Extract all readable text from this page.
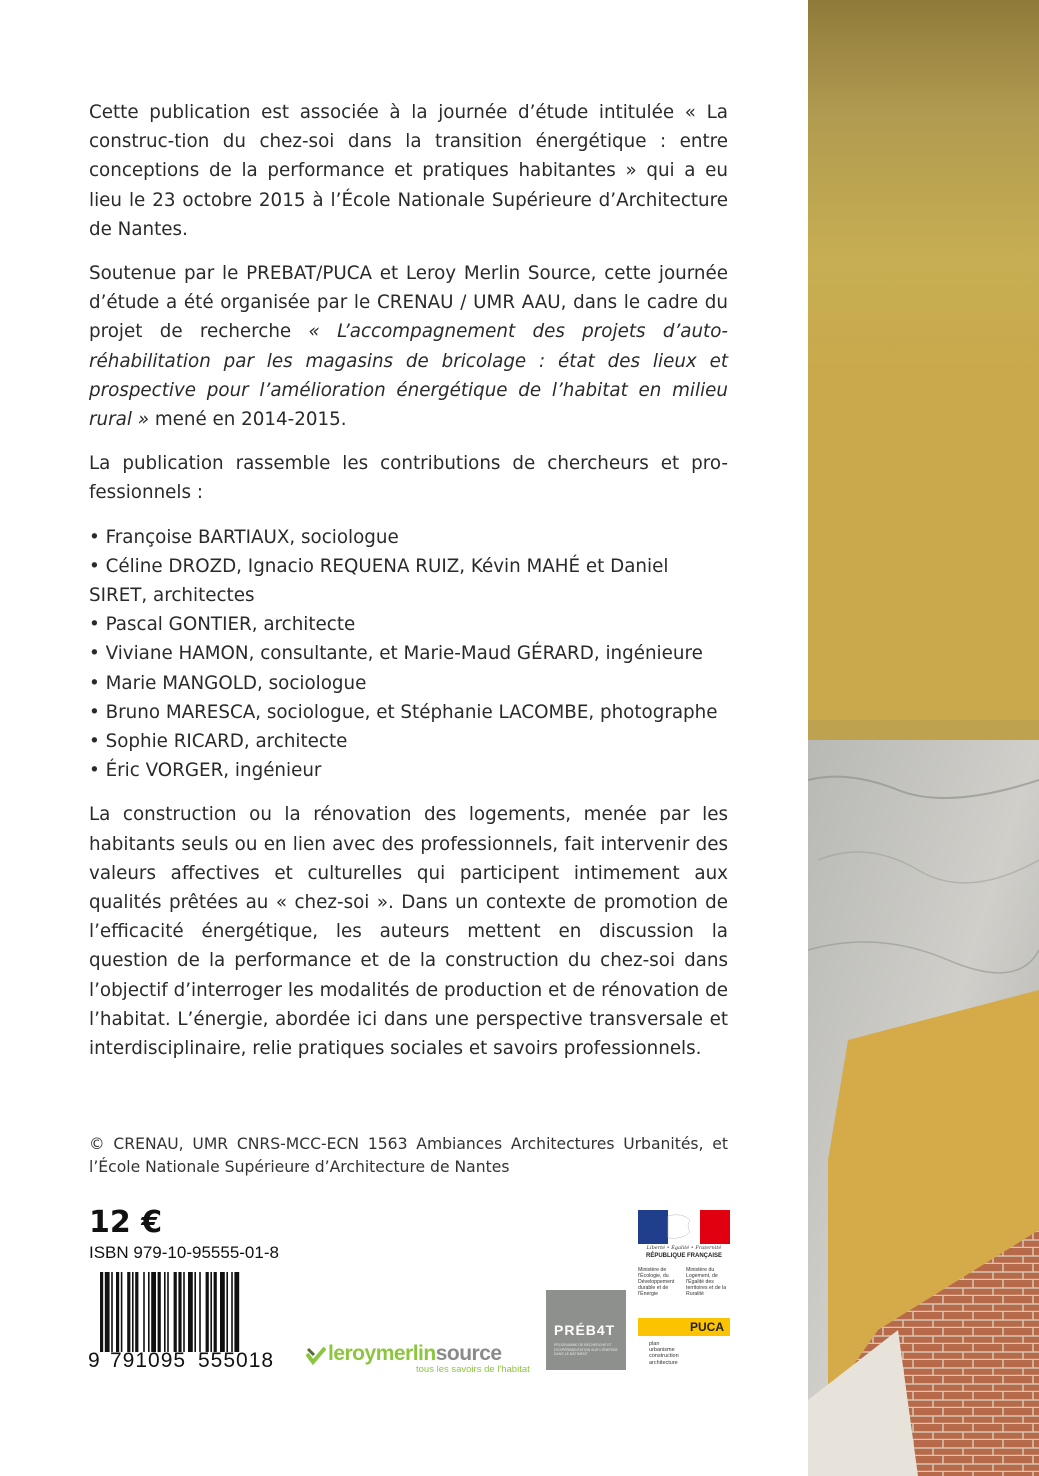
Cette publication est associée à la journée d’étude intitulée « La construc-tion du chez-soi dans la transition énergétique : entre conceptions de la performance et pratiques habitantes » qui a eu lieu le 23 octobre 2015 à l’École Nationale Supérieure d’Architecture de Nantes.

Soutenue par le PREBAT/PUCA et Leroy Merlin Source, cette journée d’étude a été organisée par le CRENAU / UMR AAU, dans le cadre du projet de recherche « L’accompagnement des projets d’auto-réhabilitation par les magasins de bricolage : état des lieux et prospective pour l’amélioration énergétique de l’habitat en milieu rural » mené en 2014-2015.

La publication rassemble les contributions de chercheurs et pro-fessionnels :

• Françoise BARTIAUX, sociologue
• Céline DROZD, Ignacio REQUENA RUIZ, Kévin MAHÉ et Daniel SIRET, architectes
• Pascal GONTIER, architecte
• Viviane HAMON, consultante, et Marie-Maud GÉRARD, ingénieure
• Marie MANGOLD, sociologue
• Bruno MARESCA, sociologue, et Stéphanie LACOMBE, photographe
• Sophie RICARD, architecte
• Éric VORGER, ingénieur

La construction ou la rénovation des logements, menée par les habitants seuls ou en lien avec des professionnels, fait intervenir des valeurs affectives et culturelles qui participent intimement aux qualités prêtées au « chez-soi ». Dans un contexte de promotion de l’efficacité énergétique, les auteurs mettent en discussion la question de la performance et de la construction du chez-soi dans l’objectif d’interroger les modalités de production et de rénovation de l’habitat. L’énergie, abordée ici dans une perspective transversale et interdisciplinaire, relie pratiques sociales et savoirs professionnels.

© CRENAU, UMR CNRS-MCC-ECN 1563 Ambiances Architectures Urbanités, et l’École Nationale Supérieure d’Architecture de Nantes
12 €
ISBN 979-10-95555-01-8
9 791095 555018	leroymerlinsource
tous les savoirs de l'habitat
PRÉB4T
PROGRAMME DE RECHERCHE ET D'EXPÉRIMENTATION SUR L'ÉNERGIE DANS LE BÂTIMENT
Liberté • Égalité • Fraternité
RÉPUBLIQUE FRANÇAISE
Ministère de l'Écologie, du Développement durable et de l'Énergie
Ministère du Logement, de l'Égalité des territoires et de la Ruralité
PUCA
plan
urbanisme
construction
architecture
